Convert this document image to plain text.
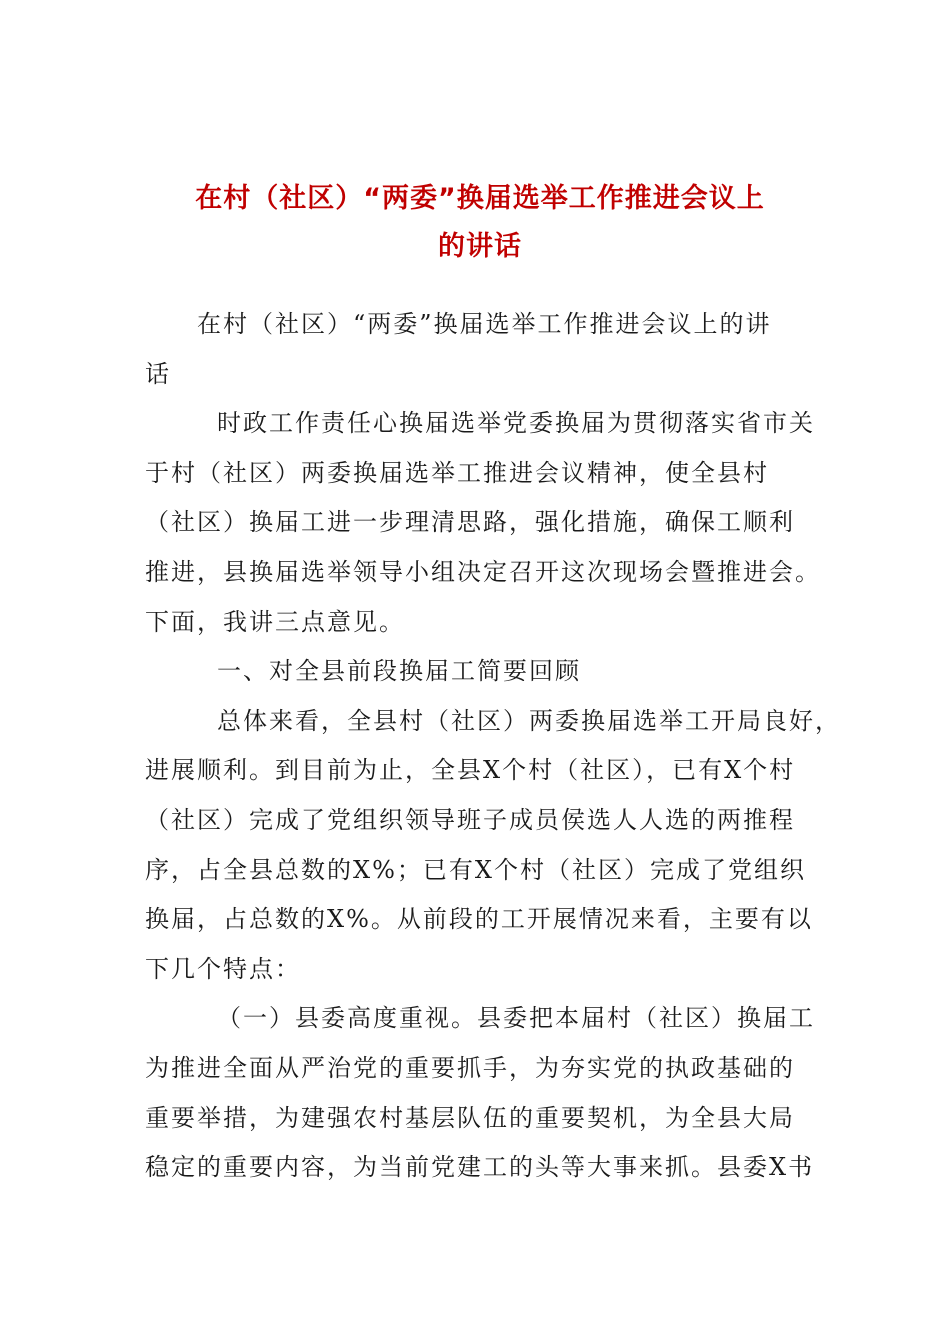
在村（社区）“两委”换届选举工作推进会议上
的讲话
在村（社区）“两委”换届选举工作推进会议上的讲
话
时政工作责任心换届选举党委换届为贯彻落实省市关
于村（社区）两委换届选举工推进会议精神，使全县村
（社区）换届工进一步理清思路，强化措施，确保工顺利
推进，县换届选举领导小组决定召开这次现场会暨推进会。
下面，我讲三点意见。
一、对全县前段换届工简要回顾
总体来看，全县村（社区）两委换届选举工开局良好，
进展顺利。到目前为止，全县X个村（社区），已有X个村
（社区）完成了党组织领导班子成员侯选人人选的两推程
序，占全县总数的X%；已有X个村（社区）完成了党组织
换届，占总数的X%。从前段的工开展情况来看，主要有以
下几个特点：
（一）县委高度重视。县委把本届村（社区）换届工
为推进全面从严治党的重要抓手，为夯实党的执政基础的
重要举措，为建强农村基层队伍的重要契机，为全县大局
稳定的重要内容，为当前党建工的头等大事来抓。县委X书
